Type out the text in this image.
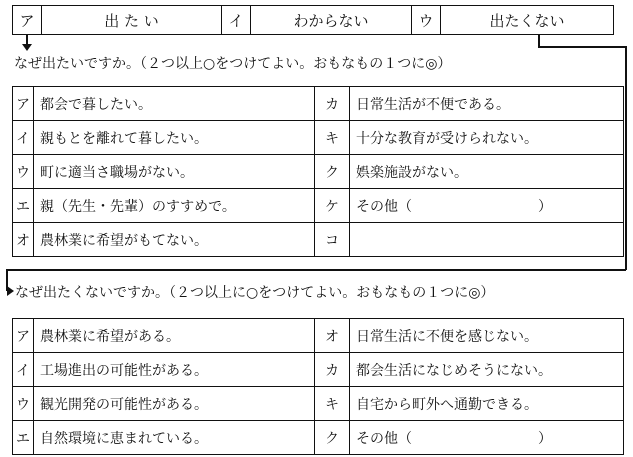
ア	出 た い	イ	わからない	ウ	出たくない
なぜ出たいですか。（２つ以上○をつけてよい。おもなもの１つに◎）
ア	都会で暮したい。	カ	日常生活が不便である。
イ	親もとを離れて暮したい。	キ	十分な教育が受けられない。
ウ	町に適当さ職場がない。	ク	娯楽施設がない。
エ	親（先生・先輩）のすすめで。	ケ	その他（　　　　　　　　　）
オ	農林業に希望がもてない。	コ	
なぜ出たくないですか。（２つ以上に○をつけてよい。おもなもの１つに◎）
ア	農林業に希望がある。	オ	日常生活に不便を感じない。
イ	工場進出の可能性がある。	カ	都会生活になじめそうにない。
ウ	観光開発の可能性がある。	キ	自宅から町外へ通勤できる。
エ	自然環境に恵まれている。	ク	その他（　　　　　　　　　）
